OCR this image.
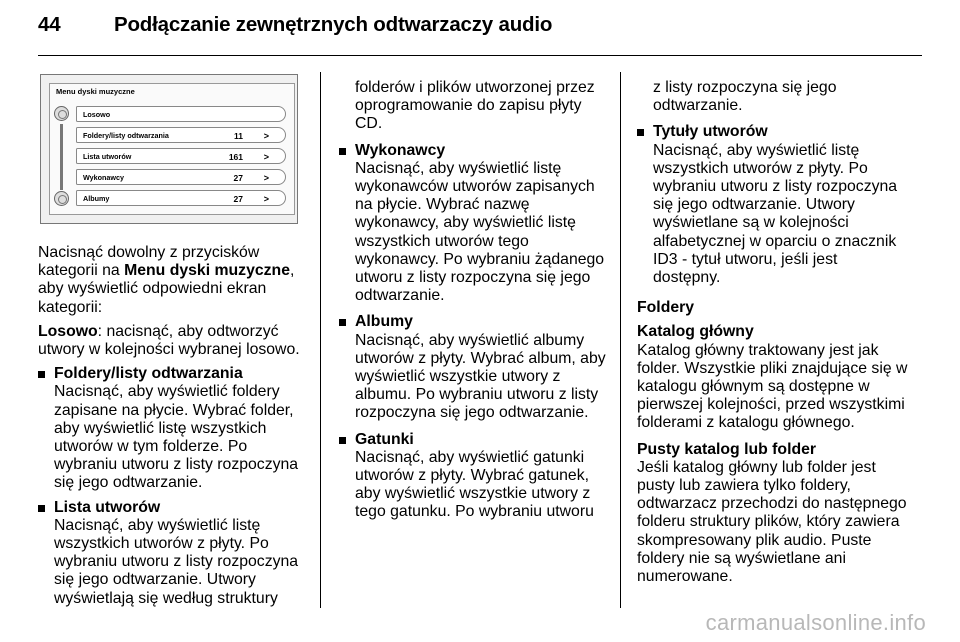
44	Podłączanie zewnętrznych odtwarzaczy audio
Menu dyski muzyczne
Losowo
Foldery/listy odtwarzania	11 >
Lista utworów	161 >
Wykonawcy	27 >
Albumy	27 >

Nacisnąć dowolny z przycisków kategorii na Menu dyski muzyczne, aby wyświetlić odpowiedni ekran kategorii:

Losowo: nacisnąć, aby odtworzyć utwory w kolejności wybranej losowo.

Foldery/listy odtwarzania
Nacisnąć, aby wyświetlić foldery zapisane na płycie. Wybrać folder, aby wyświetlić listę wszystkich utworów w tym folderze. Po wybraniu utworu z listy rozpoczyna się jego odtwarzanie.
Lista utworów
Nacisnąć, aby wyświetlić listę wszystkich utworów z płyty. Po wybraniu utworu z listy rozpoczyna się jego odtwarzanie. Utwory wyświetlają się według struktury

folderów i plików utworzonej przez oprogramowanie do zapisu płyty CD.

Wykonawcy
Nacisnąć, aby wyświetlić listę wykonawców utworów zapisanych na płycie. Wybrać nazwę wykonawcy, aby wyświetlić listę wszystkich utworów tego wykonawcy. Po wybraniu żądanego utworu z listy rozpoczyna się jego odtwarzanie.
Albumy
Nacisnąć, aby wyświetlić albumy utworów z płyty. Wybrać album, aby wyświetlić wszystkie utwory z albumu. Po wybraniu utworu z listy rozpoczyna się jego odtwarzanie.
Gatunki
Nacisnąć, aby wyświetlić gatunki utworów z płyty. Wybrać gatunek, aby wyświetlić wszystkie utwory z tego gatunku. Po wybraniu utworu

z listy rozpoczyna się jego odtwarzanie.

Tytuły utworów
Nacisnąć, aby wyświetlić listę wszystkich utworów z płyty. Po wybraniu utworu z listy rozpoczyna się jego odtwarzanie. Utwory wyświetlane są w kolejności alfabetycznej w oparciu o znacznik ID3 - tytuł utworu, jeśli jest dostępny.

Foldery

Katalog główny

Katalog główny traktowany jest jak folder. Wszystkie pliki znajdujące się w katalogu głównym są dostępne w pierwszej kolejności, przed wszystkimi folderami z katalogu głównego.

Pusty katalog lub folder

Jeśli katalog główny lub folder jest pusty lub zawiera tylko foldery, odtwarzacz przechodzi do następnego folderu struktury plików, który zawiera skompresowany plik audio. Puste foldery nie są wyświetlane ani numerowane.

carmanualsonline.info
